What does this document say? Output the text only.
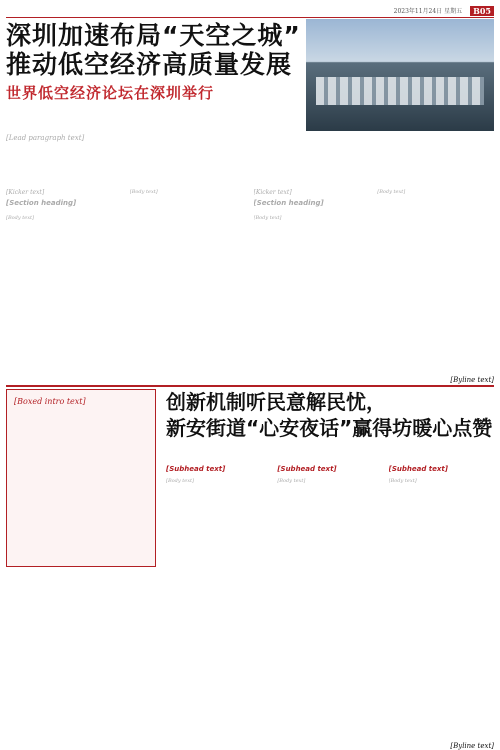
2023年11月24日 星期五	B05
深圳加速布局“天空之城”
推动低空经济高质量发展
世界低空经济论坛在深圳举行
[Lead paragraph text]
[Kicker text]
[Section heading]
[Body text]
[Body text]	[Kicker text]
[Section heading]
[Body text]
[Body text]
[Byline text]
[Boxed intro text]	创新机制听民意解民忧，
新安街道“心安夜话”赢得坊暖心点赞
[Subhead text]
[Body text]
[Subhead text]
[Body text]
[Subhead text]
[Body text]
[Byline text]
